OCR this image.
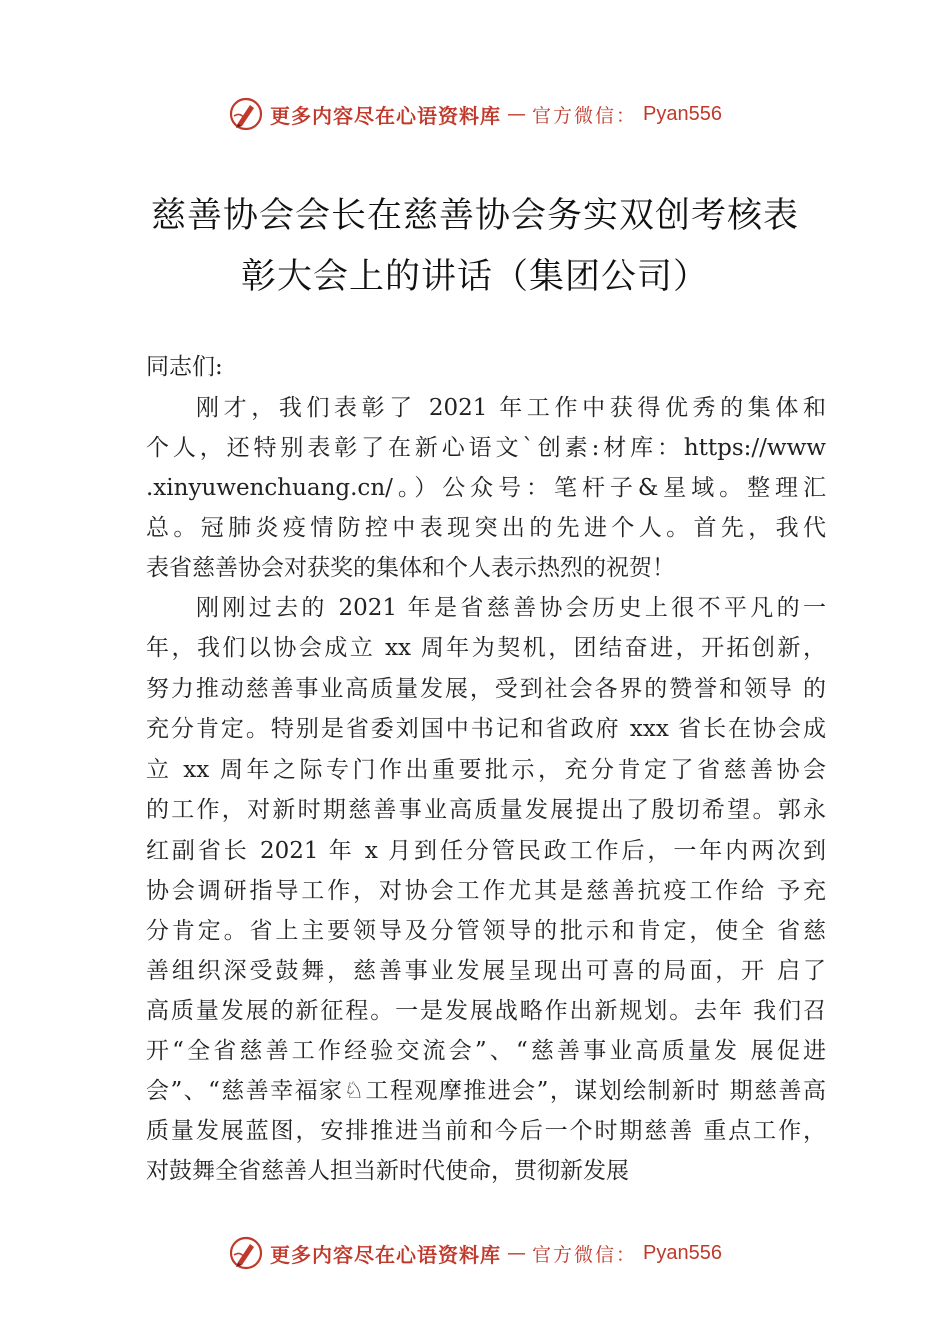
更多内容尽在心语资料库 — 官方微信： Pyan556
慈善协会会长在慈善协会务实双创考核表
彰大会上的讲话（集团公司）
同志们:
刚才，我们表彰了 2021 年工作中获得优秀的集体和
个人，还特别表彰了在新心语文`创素:材库：https://www
.xinyuwenchuang.cn/。）公众号：笔杆子&星域。整理汇
总。冠肺炎疫情防控中表现突出的先进个人。首先，我代
表省慈善协会对获奖的集体和个人表示热烈的祝贺！
刚刚过去的 2021 年是省慈善协会历史上很不平凡的一
年，我们以协会成立 xx 周年为契机，团结奋进，开拓创新，
努力推动慈善事业高质量发展，受到社会各界的赞誉和领导 的
充分肯定。特别是省委刘国中书记和省政府 xxx 省长在协会成
立 xx 周年之际专门作出重要批示，充分肯定了省慈善协会
的工作，对新时期慈善事业高质量发展提出了殷切希望。郭永
红副省长 2021 年 x 月到任分管民政工作后，一年内两次到
协会调研指导工作，对协会工作尤其是慈善抗疫工作给 予充
分肯定。省上主要领导及分管领导的批示和肯定，使全 省慈
善组织深受鼓舞，慈善事业发展呈现出可喜的局面，开 启了
高质量发展的新征程。一是发展战略作出新规划。去年 我们召
开“全省慈善工作经验交流会”、“慈善事业高质量发 展促进
会”、“慈善幸福家♘工程观摩推进会”，谋划绘制新时 期慈善高
质量发展蓝图，安排推进当前和今后一个时期慈善 重点工作，
对鼓舞全省慈善人担当新时代使命，贯彻新发展
更多内容尽在心语资料库 — 官方微信： Pyan556
